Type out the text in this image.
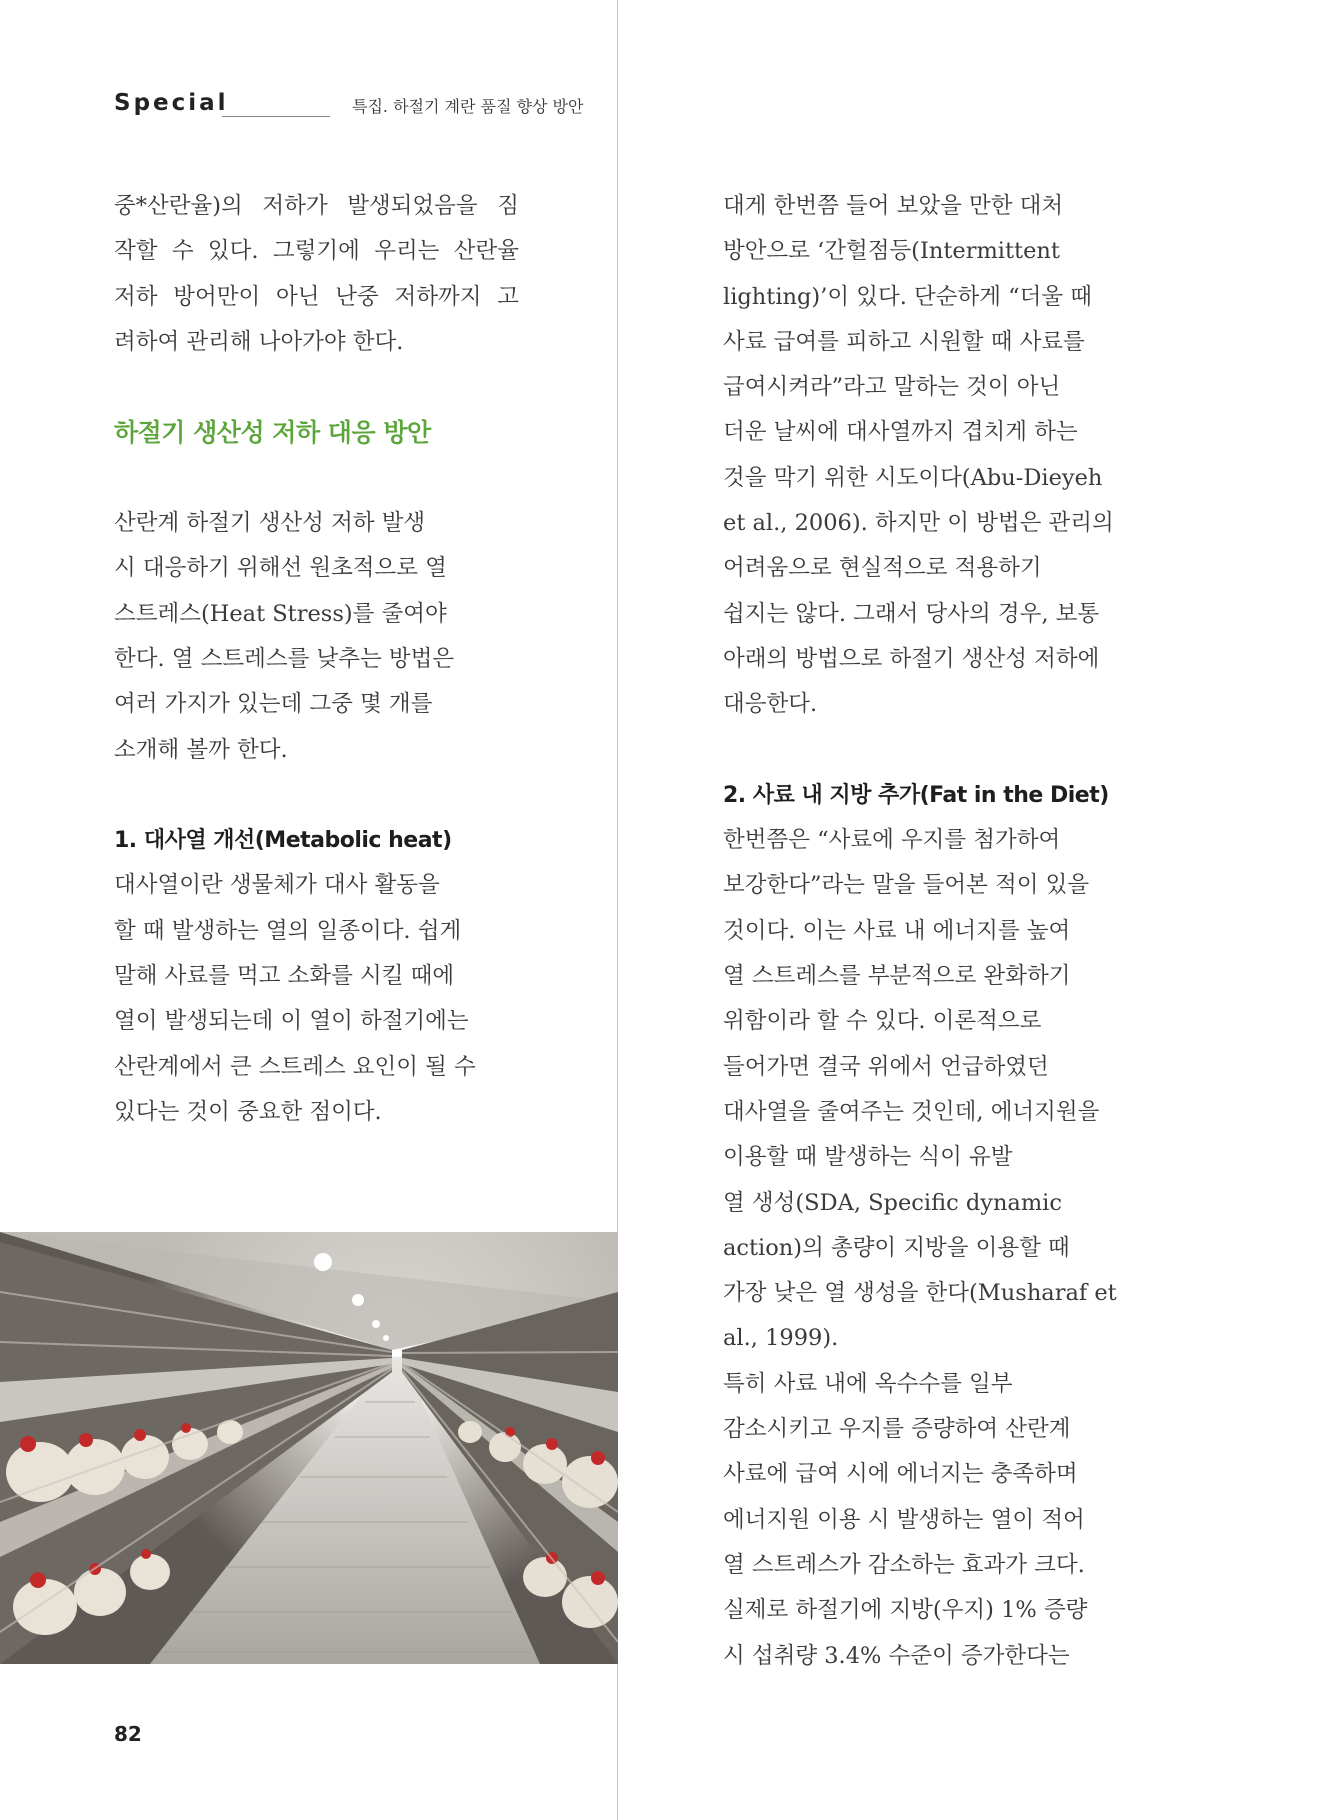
Special	특집. 하절기 계란 품질 향상 방안

중*산란율)의 저하가 발생되었음을 짐
작할 수 있다. 그렇기에 우리는 산란율
저하 방어만이 아닌 난중 저하까지 고
려하여 관리해 나아가야 한다.

하절기 생산성 저하 대응 방안

산란계 하절기 생산성 저하 발생
시 대응하기 위해선 원초적으로 열
스트레스(Heat Stress)를 줄여야
한다. 열 스트레스를 낮추는 방법은
여러 가지가 있는데 그중 몇 개를
소개해 볼까 한다.

1. 대사열 개선(Metabolic heat)

대사열이란 생물체가 대사 활동을
할 때 발생하는 열의 일종이다. 쉽게
말해 사료를 먹고 소화를 시킬 때에
열이 발생되는데 이 열이 하절기에는
산란계에서 큰 스트레스 요인이 될 수
있다는 것이 중요한 점이다.

대게 한번쯤 들어 보았을 만한 대처
방안으로 ‘간헐점등(Intermittent
lighting)’이 있다. 단순하게 “더울 때
사료 급여를 피하고 시원할 때 사료를
급여시켜라”라고 말하는 것이 아닌
더운 날씨에 대사열까지 겹치게 하는
것을 막기 위한 시도이다(Abu-Dieyeh
et al., 2006). 하지만 이 방법은 관리의
어려움으로 현실적으로 적용하기
쉽지는 않다. 그래서 당사의 경우, 보통
아래의 방법으로 하절기 생산성 저하에
대응한다.

2. 사료 내 지방 추가(Fat in the Diet)

한번쯤은 “사료에 우지를 첨가하여
보강한다”라는 말을 들어본 적이 있을
것이다. 이는 사료 내 에너지를 높여
열 스트레스를 부분적으로 완화하기
위함이라 할 수 있다. 이론적으로
들어가면 결국 위에서 언급하였던
대사열을 줄여주는 것인데, 에너지원을
이용할 때 발생하는 식이 유발
열 생성(SDA, Specific dynamic
action)의 총량이 지방을 이용할 때
가장 낮은 열 생성을 한다(Musharaf et
al., 1999).
특히 사료 내에 옥수수를 일부
감소시키고 우지를 증량하여 산란계
사료에 급여 시에 에너지는 충족하며
에너지원 이용 시 발생하는 열이 적어
열 스트레스가 감소하는 효과가 크다.
실제로 하절기에 지방(우지) 1% 증량
시 섭취량 3.4% 수준이 증가한다는

82
